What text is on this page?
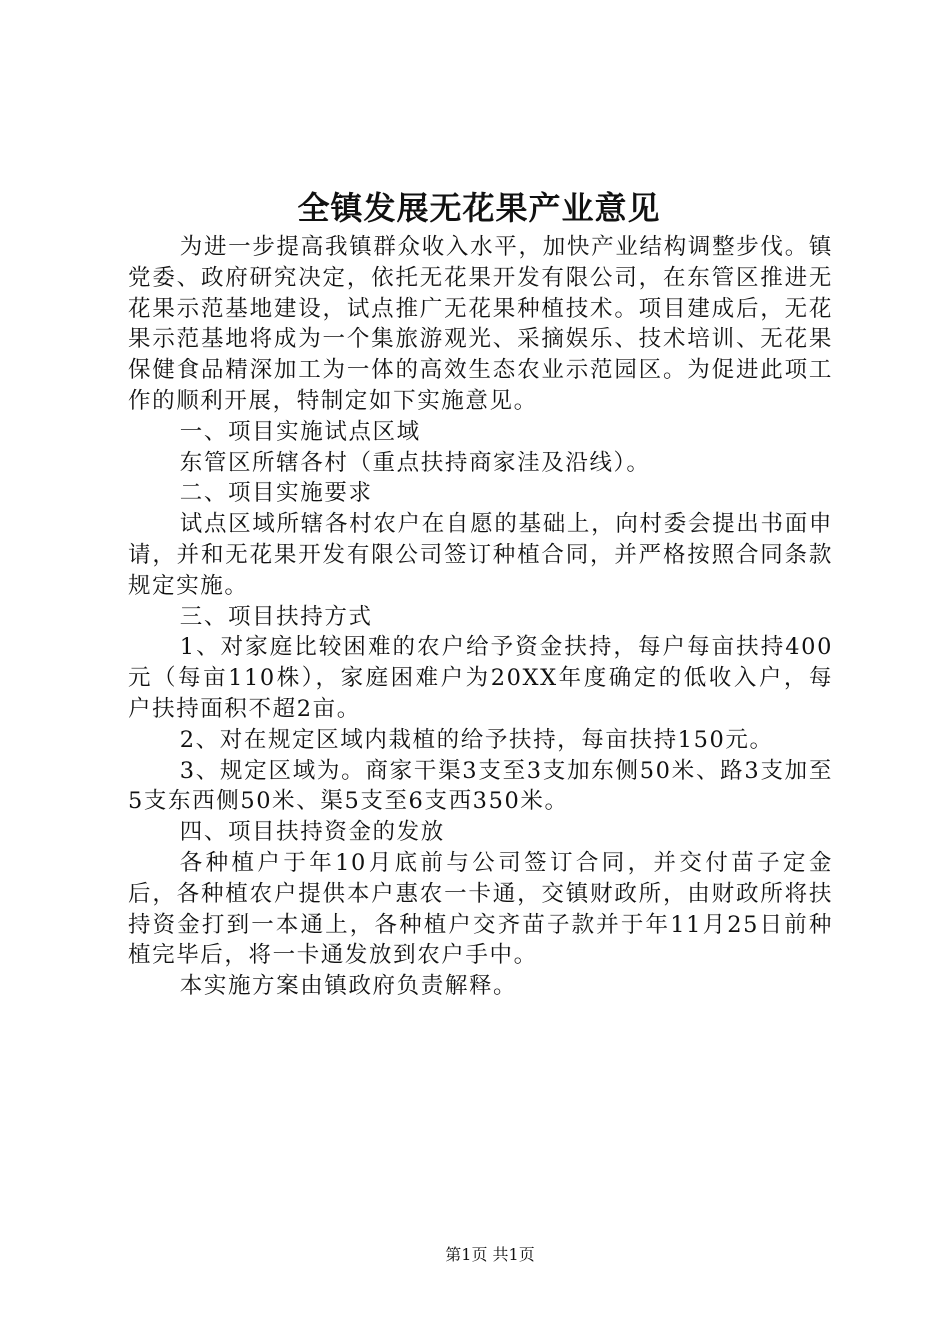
全镇发展无花果产业意见

为进一步提高我镇群众收入水平，加快产业结构调整步伐。镇党委、政府研究决定，依托无花果开发有限公司，在东管区推进无花果示范基地建设，试点推广无花果种植技术。项目建成后，无花果示范基地将成为一个集旅游观光、采摘娱乐、技术培训、无花果保健食品精深加工为一体的高效生态农业示范园区。为促进此项工作的顺利开展，特制定如下实施意见。

一、项目实施试点区域

东管区所辖各村（重点扶持商家洼及沿线）。

二、项目实施要求

试点区域所辖各村农户在自愿的基础上，向村委会提出书面申请，并和无花果开发有限公司签订种植合同，并严格按照合同条款规定实施。

三、项目扶持方式

1、对家庭比较困难的农户给予资金扶持，每户每亩扶持400元（每亩110株），家庭困难户为20XX年度确定的低收入户，每户扶持面积不超2亩。

2、对在规定区域内栽植的给予扶持，每亩扶持150元。

3、规定区域为。商家干渠3支至3支加东侧50米、路3支加至5支东西侧50米、渠5支至6支西350米。

四、项目扶持资金的发放

各种植户于年10月底前与公司签订合同，并交付苗子定金后，各种植农户提供本户惠农一卡通，交镇财政所，由财政所将扶持资金打到一本通上，各种植户交齐苗子款并于年11月25日前种植完毕后，将一卡通发放到农户手中。

本实施方案由镇政府负责解释。

第1页 共1页
